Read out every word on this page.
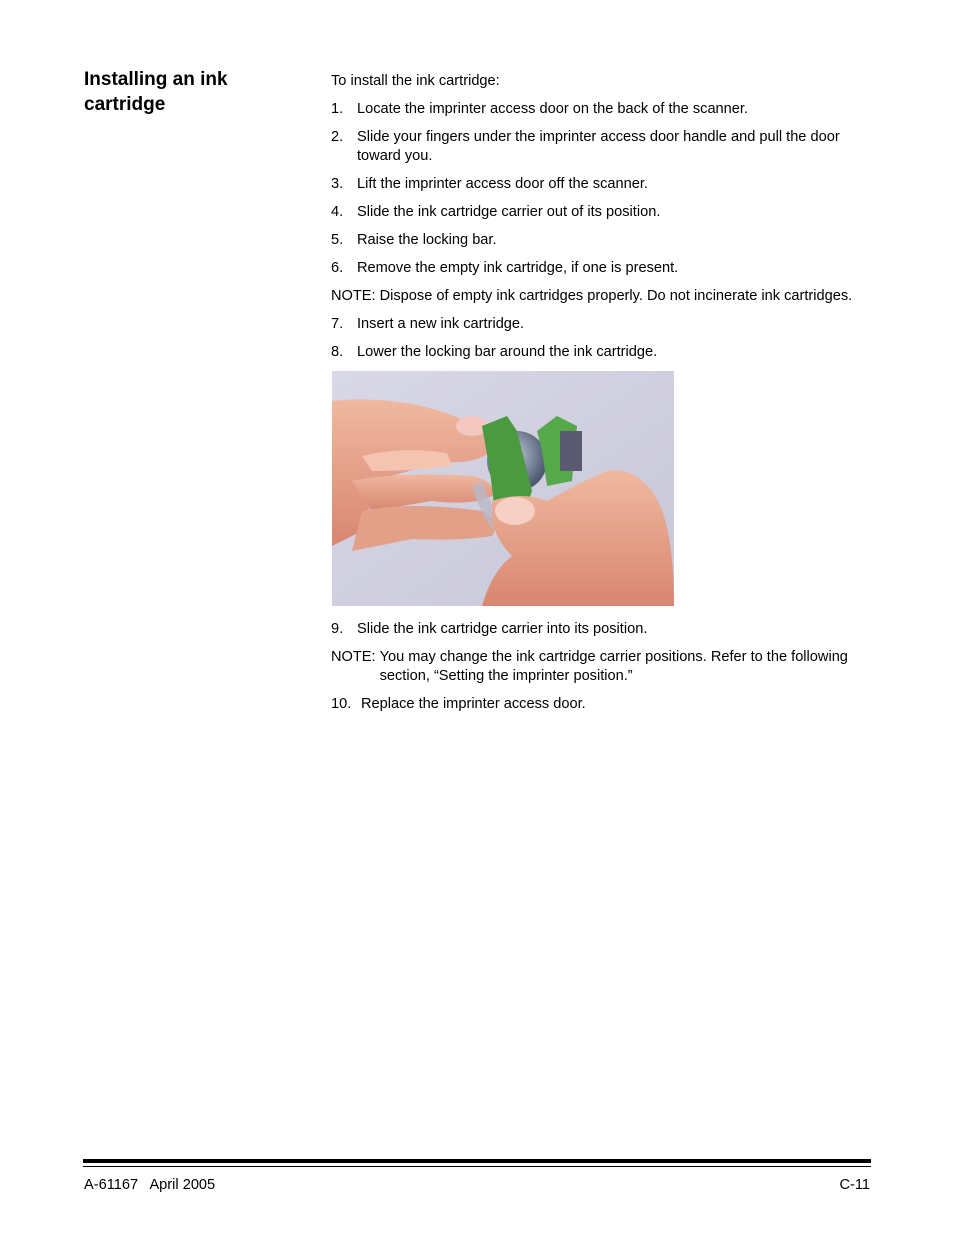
Installing an ink cartridge

To install the ink cartridge:

1. Locate the imprinter access door on the back of the scanner.
2. Slide your fingers under the imprinter access door handle and pull the door toward you.
3. Lift the imprinter access door off the scanner.
4. Slide the ink cartridge carrier out of its position.
5. Raise the locking bar.
6. Remove the empty ink cartridge, if one is present.
NOTE: Dispose of empty ink cartridges properly. Do not incinerate ink cartridges.
7. Insert a new ink cartridge.
8. Lower the locking bar around the ink cartridge.
9. Slide the ink cartridge carrier into its position.
NOTE: You may change the ink cartridge carrier positions. Refer to the following section, “Setting the imprinter position.”
10. Replace the imprinter access door.
A-61167   April 2005	C-11
